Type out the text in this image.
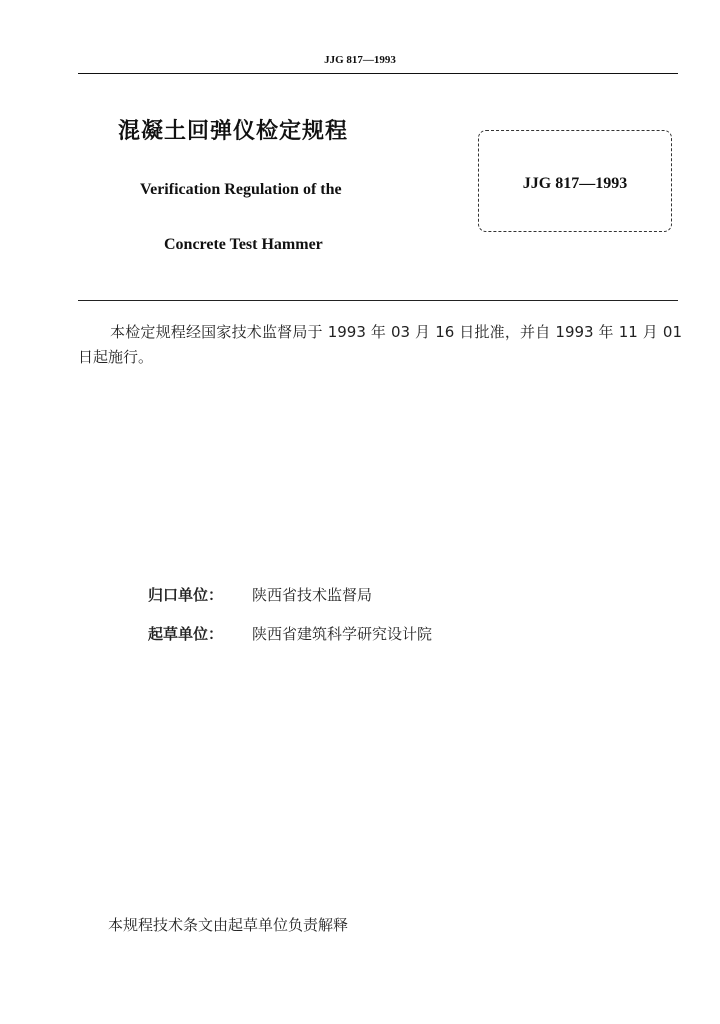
JJG 817—1993
混凝土回弹仪检定规程
Verification Regulation of the
Concrete Test Hammer
JJG 817—1993
本检定规程经国家技术监督局于 1993 年 03 月 16 日批准，并自 1993 年 11 月 01 日起施行。
归口单位： 陕西省技术监督局
起草单位： 陕西省建筑科学研究设计院
本规程技术条文由起草单位负责解释
